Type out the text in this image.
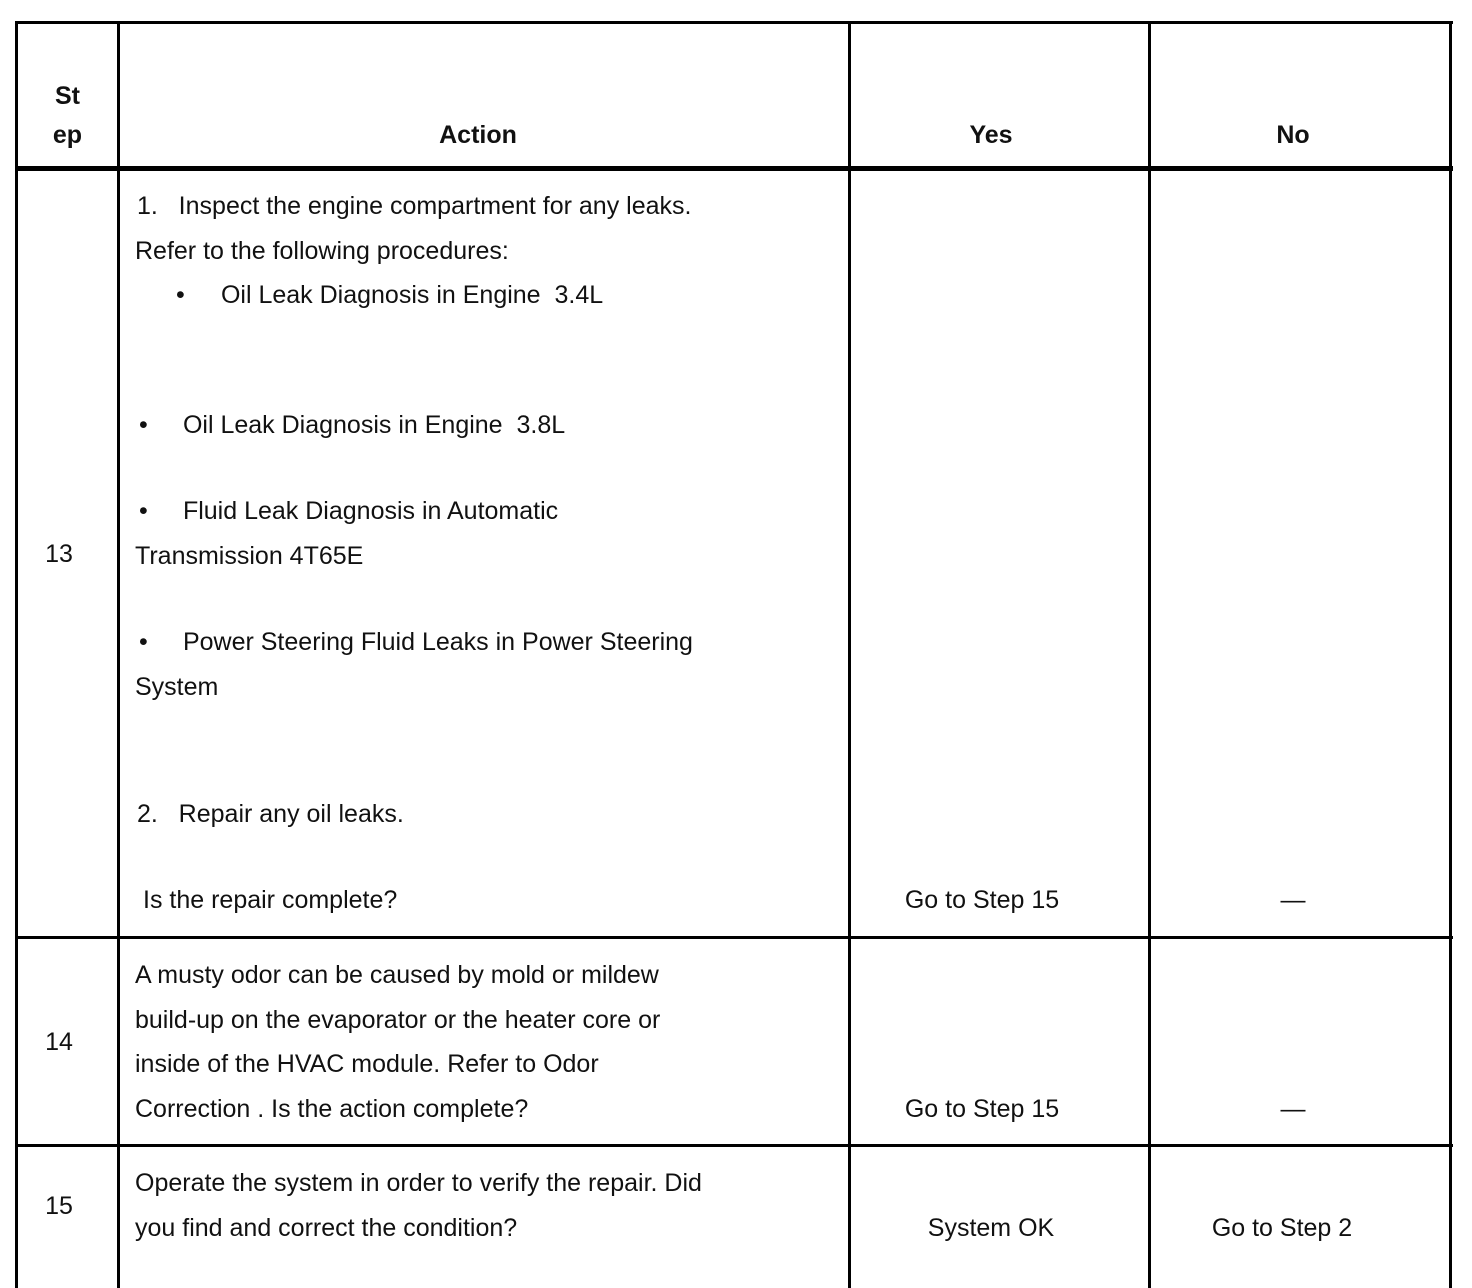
St
ep	Action	Yes	No
13
1.   Inspect the engine compartment for any leaks.
Refer to the following procedures:
• Oil Leak Diagnosis in Engine  3.4L
• Oil Leak Diagnosis in Engine  3.8L
• Fluid Leak Diagnosis in Automatic
Transmission 4T65E
• Power Steering Fluid Leaks in Power Steering
System
2.   Repair any oil leaks.
Is the repair complete?	Go to Step 15	—
14
A musty odor can be caused by mold or mildew
build-up on the evaporator or the heater core or
inside of the HVAC module. Refer to Odor
Correction . Is the action complete?	Go to Step 15	—
15
Operate the system in order to verify the repair. Did
you find and correct the condition?	System OK	Go to Step 2
